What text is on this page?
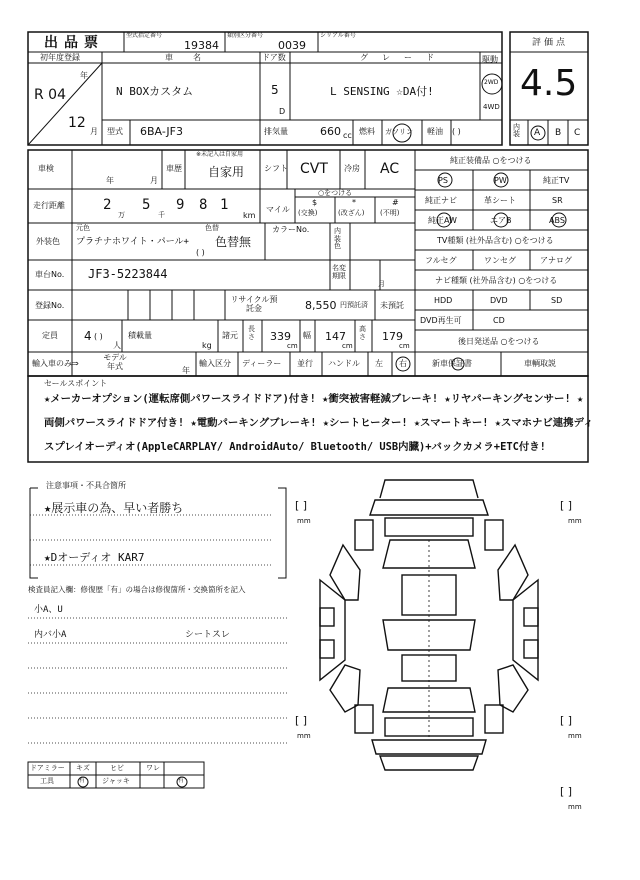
出品票	型式指定番号
19384
類別区分番号
0039
シリアル番号
評価点
4.5
初年度登録
年
R 04
12
月
車名
N BOXカスタム
ドア数
5
D
グレード
L SENSING ☆DA付!
駆動
2WD
4WD
型式 6BA-JF3	排気量	660 cc 燃料 ガソリン 軽油 ( )	内装	A B C
車検
年	月
車歴
※未記入は自家用
自家用 シフト CVT 冷房 AC
走行距離	2
万
5
千
9 8 1
km
マイル
○をつける
$
(交換)
*
(改ざん)
#
(不明)
外装色
元色	色替
プラチナホワイト・パール+ 色替無
( )
カラーNo.	内装色
車台No. JF3-5223844	名変期限
月
登録No.
リサイクル預託金	8,550 円預託済 未預託
定員 4 ( )
人
積載量
kg
諸元
長さ 339
cm
幅 147
cm
高さ 179
cm
輸入車のみ⇒
モデル年式	年
輸入区分 ディーラー 並行 ハンドル 左 右
純正装備品 ○をつける
PS	PW	純正TV
純正ナビ	革シート	SR
純正AW	エアB	ABS
TV種類 (社外品含む) ○をつける
フルセグ	ワンセグ	アナログ
ナビ種類 (社外品含む) ○をつける
HDD	DVD	SD
DVD再生可	CD
後日発送品 ○をつける
新車保証書	車輌取説
セールスポイント
★メーカーオプション(運転席側パワースライドドア)付き! ★衝突被害軽減ブレーキ! ★リヤパーキングセンサー! ★
両側パワースライドドア付き! ★電動パーキングブレーキ! ★シートヒーター! ★スマートキー! ★スマホナビ連携ディ
スプレイオーディオ(AppleCARPLAY/ AndroidAuto/ Bluetooth/ USB内臓)+バックカメラ+ETC付き!
注意事項・不具合箇所
★展示車の為、早い者勝ち
★Dオーディオ KAR7
検査員記入欄：修復歴「有」の場合は修復箇所・交換箇所を記入
小A、U
内バ小A	シートスレ
ドアミラー キズ	ヒビ	ワレ
工具	有 ジャッキ	有
[ ]
mm
[ ]
mm
[ ]
mm
[ ]
mm
[ ]
mm
